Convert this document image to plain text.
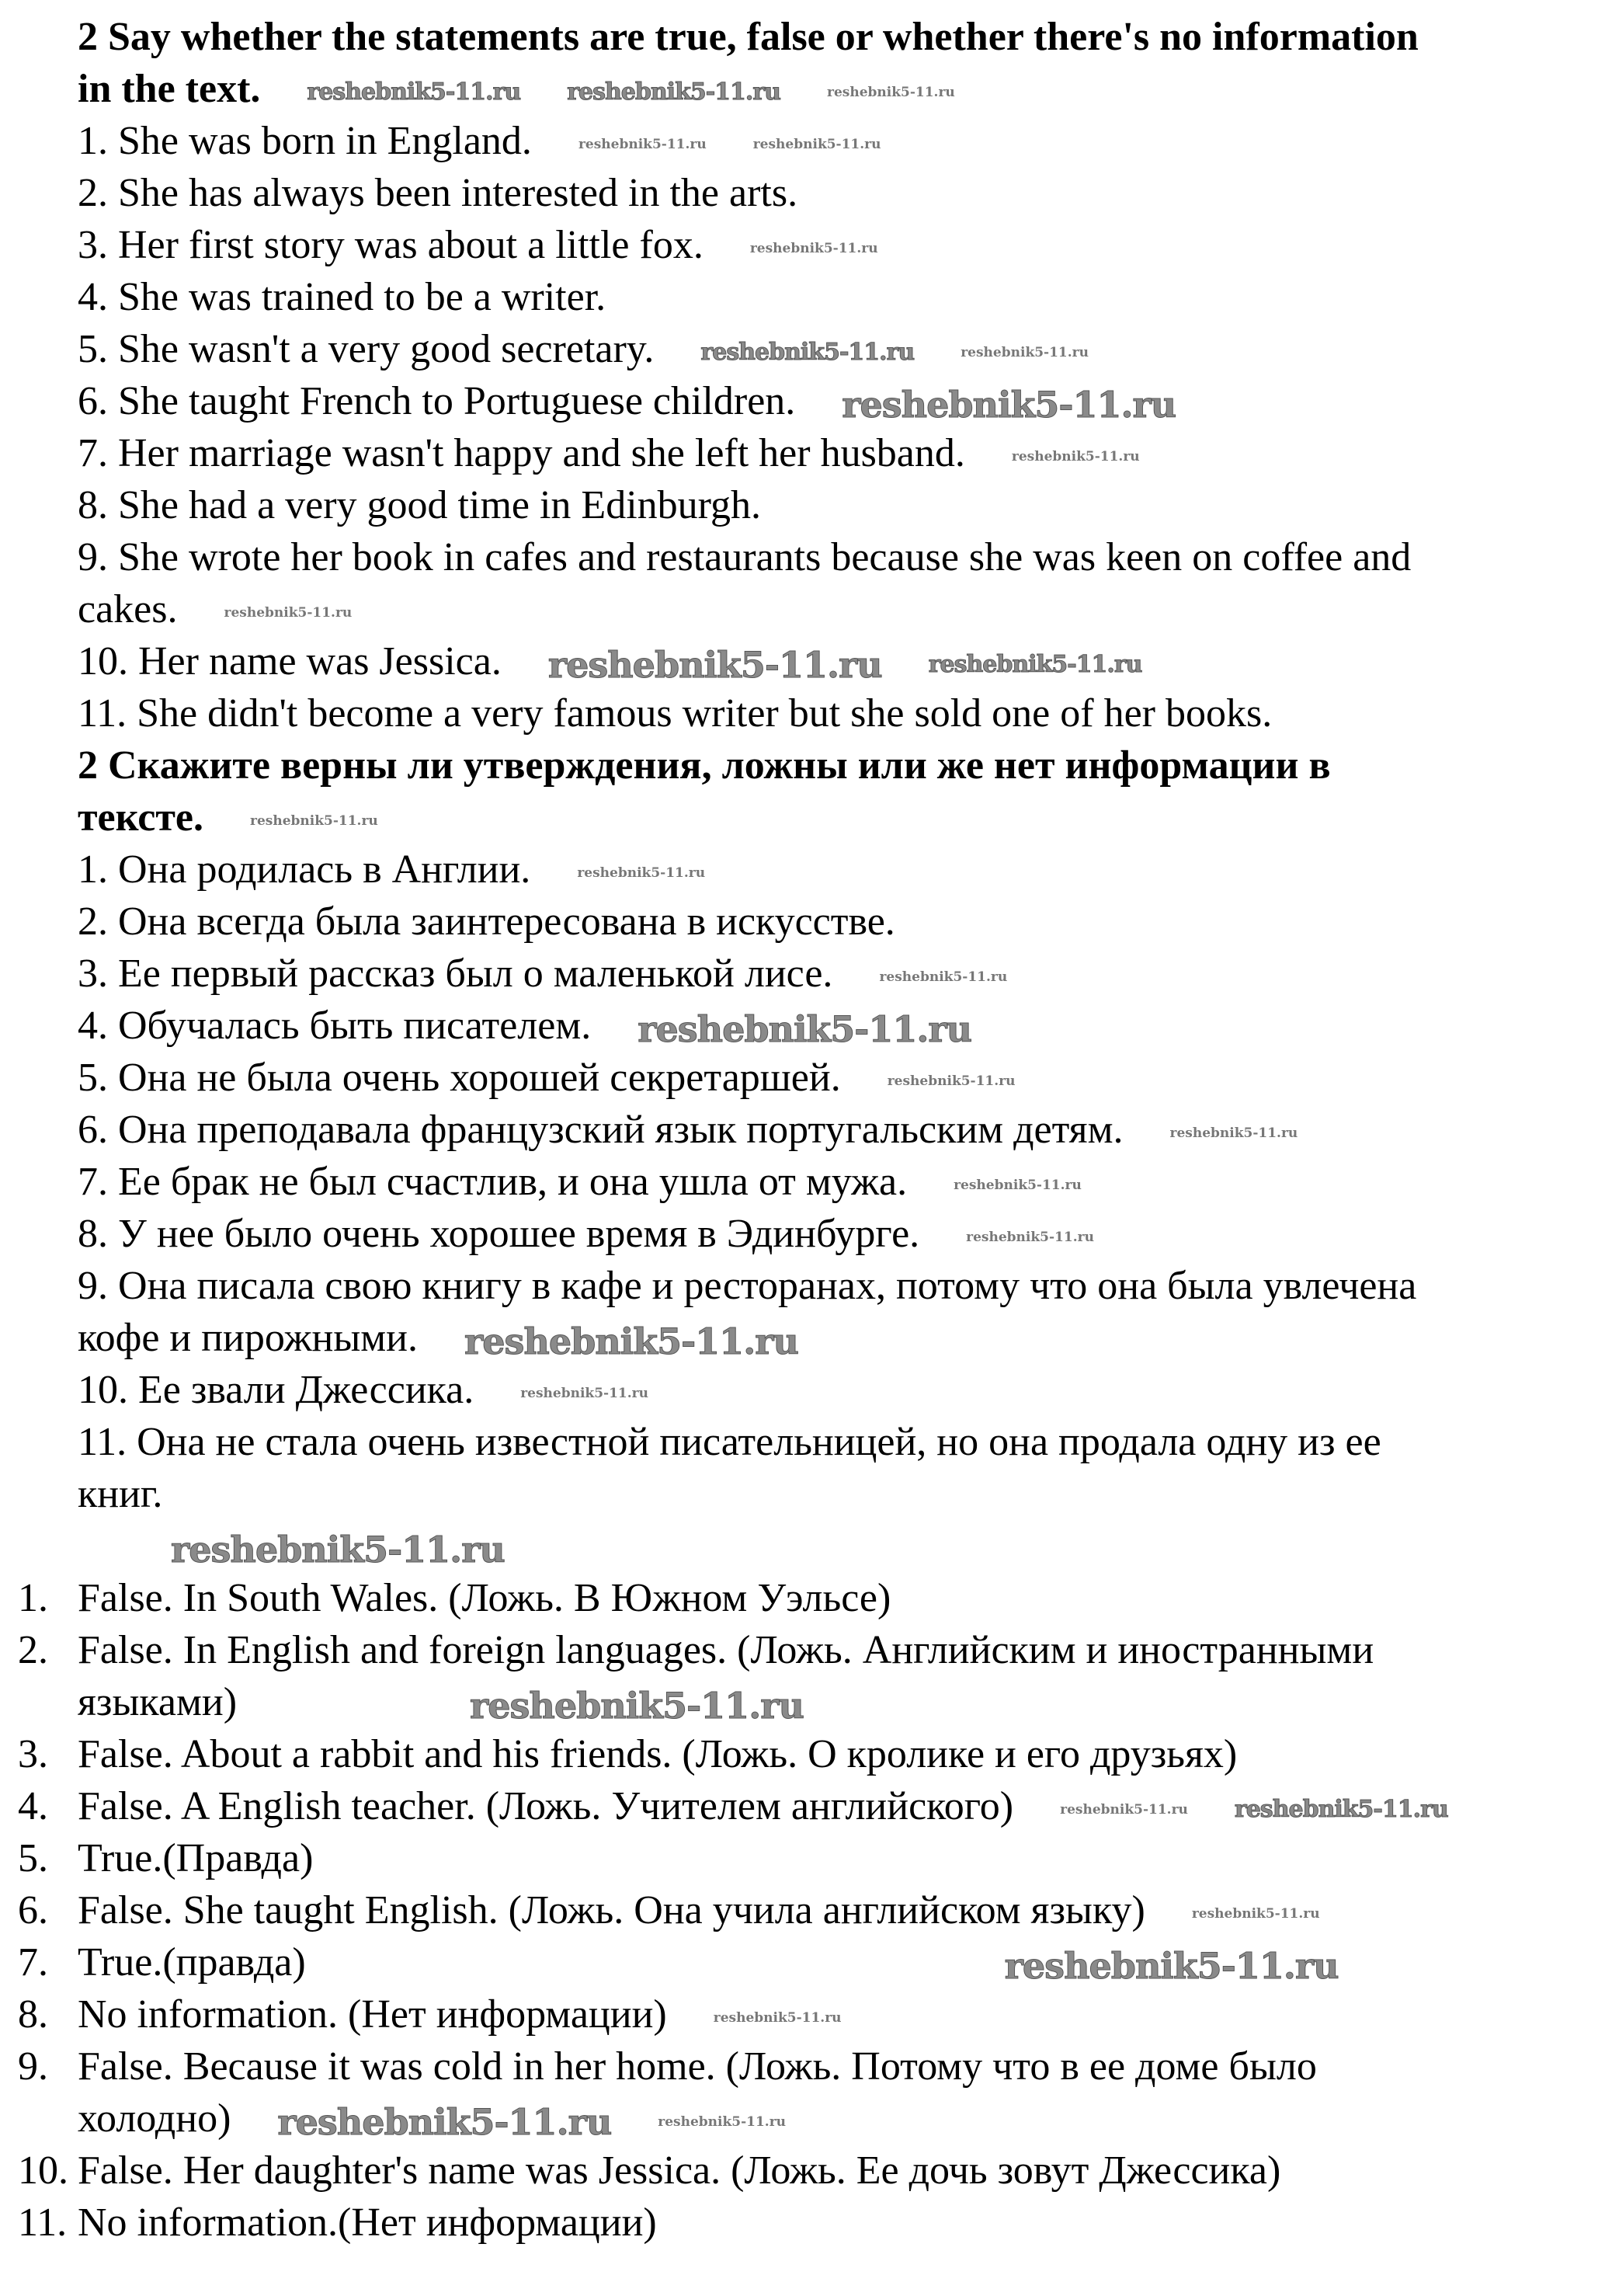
2 Say whether the statements are true, false or whether there's no information
in the text. reshebnik5-11.ru reshebnik5-11.ru	reshebnik5-11.ru
1. She was born in England.	reshebnik5-11.ru	reshebnik5-11.ru
2. She has always been interested in the arts.
3. Her first story was about a little fox.	reshebnik5-11.ru
4. She was trained to be a writer.
5. She wasn't a very good secretary. reshebnik5-11.ru	reshebnik5-11.ru
6. She taught French to Portuguese children. reshebnik5-11.ru
7. Her marriage wasn't happy and she left her husband.	reshebnik5-11.ru
8. She had a very good time in Edinburgh.
9. She wrote her book in cafes and restaurants because she was keen on coffee and
cakes.	reshebnik5-11.ru
10. Her name was Jessica. reshebnik5-11.ru reshebnik5-11.ru
11. She didn't become a very famous writer but she sold one of her books.
2 Скажите верны ли утверждения, ложны или же нет информации в
тексте.	reshebnik5-11.ru
1. Она родилась в Англии.	reshebnik5-11.ru
2. Она всегда была заинтересована в искусстве.
3. Ее первый рассказ был о маленькой лисе.	reshebnik5-11.ru
4. Обучалась быть писателем. reshebnik5-11.ru
5. Она не была очень хорошей секретаршей.	reshebnik5-11.ru
6. Она преподавала французский язык португальским детям.	reshebnik5-11.ru
7. Ее брак не был счастлив, и она ушла от мужа.	reshebnik5-11.ru
8. У нее было очень хорошее время в Эдинбурге.	reshebnik5-11.ru
9. Она писала свою книгу в кафе и ресторанах, потому что она была увлечена
кофе и пирожными. reshebnik5-11.ru
10. Ее звали Джессика.	reshebnik5-11.ru
11. Она не стала очень известной писательницей, но она продала одну из ее
книг.
reshebnik5-11.ru
1. False. In South Wales. (Ложь. В Южном Уэльсе)
2. False. In English and foreign languages. (Ложь. Английским и иностранными
языками)	reshebnik5-11.ru
3. False. About a rabbit and his friends. (Ложь. О кролике и его друзьях)
4. False. A English teacher. (Ложь. Учителем английского)	reshebnik5-11.ru reshebnik5-11.ru
5. True.(Правда)
6. False. She taught English. (Ложь. Она учила английском языку)	reshebnik5-11.ru
7. True.(правда)	reshebnik5-11.ru
8. No information. (Нет информации)	reshebnik5-11.ru
9. False. Because it was cold in her home. (Ложь. Потому что в ее доме было
холодно) reshebnik5-11.ru	reshebnik5-11.ru
10. False. Her daughter's name was Jessica. (Ложь. Ее дочь зовут Джессика)
11. No information.(Нет информации)
